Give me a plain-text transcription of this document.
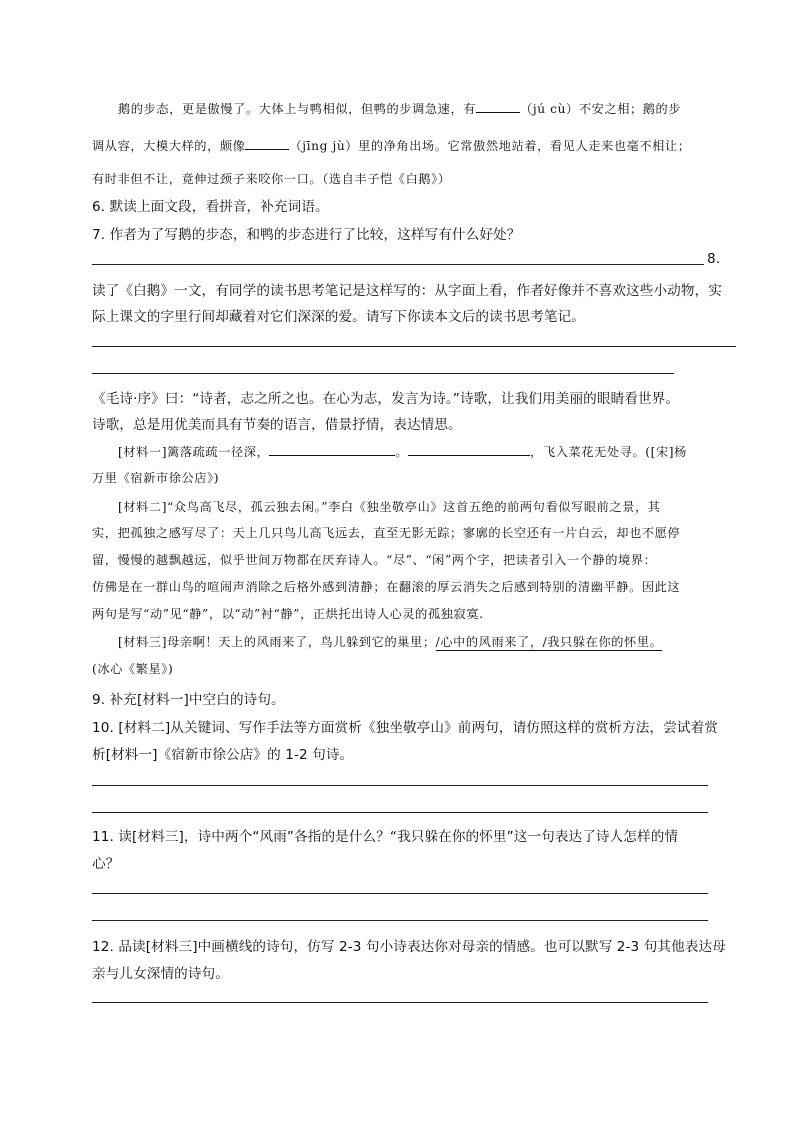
鹅的步态，更是傲慢了。大体上与鸭相似，但鸭的步调急速，有	（jú cù）不安之相；鹅的步
调从容，大模大样的，颇像	（jīng jù）里的净角出场。它常傲然地站着，看见人走来也毫不相让；
有时非但不让，竟伸过颈子来咬你一口。（选自丰子恺《白鹅》）
6. 默读上面文段，看拼音，补充词语。
7. 作者为了写鹅的步态，和鸭的步态进行了比较，这样写有什么好处？
8.
读了《白鹅》一文，有同学的读书思考笔记是这样写的：从字面上看，作者好像并不喜欢这些小动物，实
际上课文的字里行间却藏着对它们深深的爱。请写下你读本文后的读书思考笔记。
《毛诗·序》曰：“诗者，志之所之也。在心为志，发言为诗。”诗歌，让我们用美丽的眼睛看世界。
诗歌，总是用优美而具有节奏的语言，借景抒情，表达情思。
[材料一]篱落疏疏一径深，	。	，飞入菜花无处寻。([宋]杨
万里《宿新市徐公店》)
[材料二]“众鸟高飞尽，孤云独去闲。”李白《独坐敬亭山》这首五绝的前两句看似写眼前之景，其
实，把孤独之感写尽了：天上几只鸟儿高飞远去，直至无影无踪；寥廓的长空还有一片白云，却也不愿停
留，慢慢的越飘越远，似乎世间万物都在厌弃诗人。“尽”、“闲”两个字，把读者引入一个静的境界：
仿佛是在一群山鸟的喧闹声消除之后格外感到清静；在翻滚的厚云消失之后感到特别的清幽平静。因此这
两句是写“动”见“静”，以“动”衬“静”，正烘托出诗人心灵的孤独寂寞.
[材料三]母亲啊！天上的风雨来了，鸟儿躲到它的巢里；/心中的风雨来了，/我只躲在你的怀里。
(冰心《繁星》)
9. 补充[材料一]中空白的诗句。
10. [材料二]从关键词、写作手法等方面赏析《独坐敬亭山》前两句，请仿照这样的赏析方法，尝试着赏
析[材料一]《宿新市徐公店》的 1-2 句诗。
11. 读[材料三]，诗中两个“风雨”各指的是什么？“我只躲在你的怀里”这一句表达了诗人怎样的情
心？
12. 品读[材料三]中画横线的诗句，仿写 2-3 句小诗表达你对母亲的情感。也可以默写 2-3 句其他表达母
亲与儿女深情的诗句。
